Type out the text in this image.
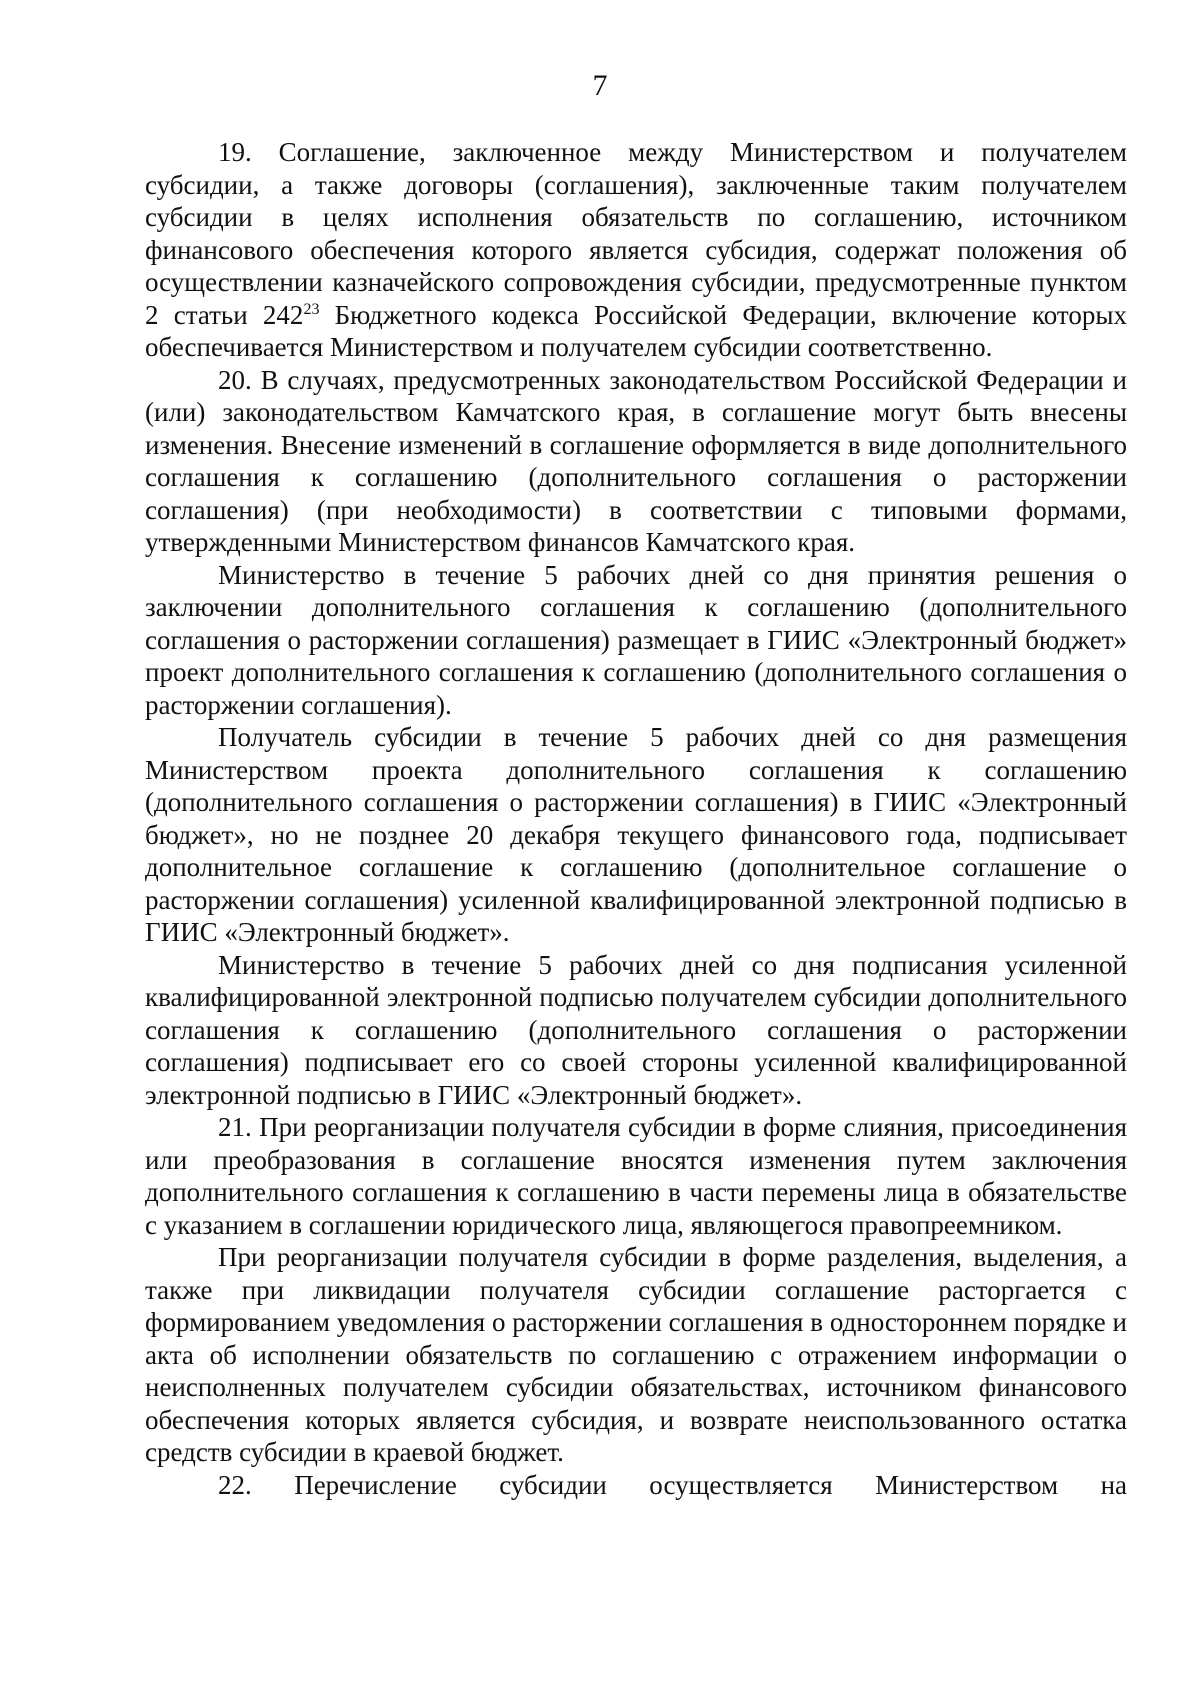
7

19. Соглашение, заключенное между Министерством и получателем субсидии, а также договоры (соглашения), заключенные таким получателем субсидии в целях исполнения обязательств по соглашению, источником финансового обеспечения которого является субсидия, содержат положения об осуществлении казначейского сопровождения субсидии, предусмотренные пунктом 2 статьи $242^{23}$ Бюджетного кодекса Российской Федерации, включение которых обеспечивается Министерством и получателем субсидии соответственно.

20. В случаях, предусмотренных законодательством Российской Федерации и (или) законодательством Камчатского края, в соглашение могут быть внесены изменения. Внесение изменений в соглашение оформляется в виде дополнительного соглашения к соглашению (дополнительного соглашения о расторжении соглашения) (при необходимости) в соответствии с типовыми формами, утвержденными Министерством финансов Камчатского края.

Министерство в течение 5 рабочих дней со дня принятия решения о заключении дополнительного соглашения к соглашению (дополнительного соглашения о расторжении соглашения) размещает в ГИИС «Электронный бюджет» проект дополнительного соглашения к соглашению (дополнительного соглашения о расторжении соглашения).

Получатель субсидии в течение 5 рабочих дней со дня размещения Министерством проекта дополнительного соглашения к соглашению (дополнительного соглашения о расторжении соглашения) в ГИИС «Электронный бюджет», но не позднее 20 декабря текущего финансового года, подписывает дополнительное соглашение к соглашению (дополнительное соглашение о расторжении соглашения) усиленной квалифицированной электронной подписью в ГИИС «Электронный бюджет».

Министерство в течение 5 рабочих дней со дня подписания усиленной квалифицированной электронной подписью получателем субсидии дополнительного соглашения к соглашению (дополнительного соглашения о расторжении соглашения) подписывает его со своей стороны усиленной квалифицированной электронной подписью в ГИИС «Электронный бюджет».

21. При реорганизации получателя субсидии в форме слияния, присоединения или преобразования в соглашение вносятся изменения путем заключения дополнительного соглашения к соглашению в части перемены лица в обязательстве с указанием в соглашении юридического лица, являющегося правопреемником.

При реорганизации получателя субсидии в форме разделения, выделения, а также при ликвидации получателя субсидии соглашение расторгается с формированием уведомления о расторжении соглашения в одностороннем порядке и акта об исполнении обязательств по соглашению с отражением информации о неисполненных получателем субсидии обязательствах, источником финансового обеспечения которых является субсидия, и возврате неиспользованного остатка средств субсидии в краевой бюджет.

22. Перечисление субсидии осуществляется Министерством на
